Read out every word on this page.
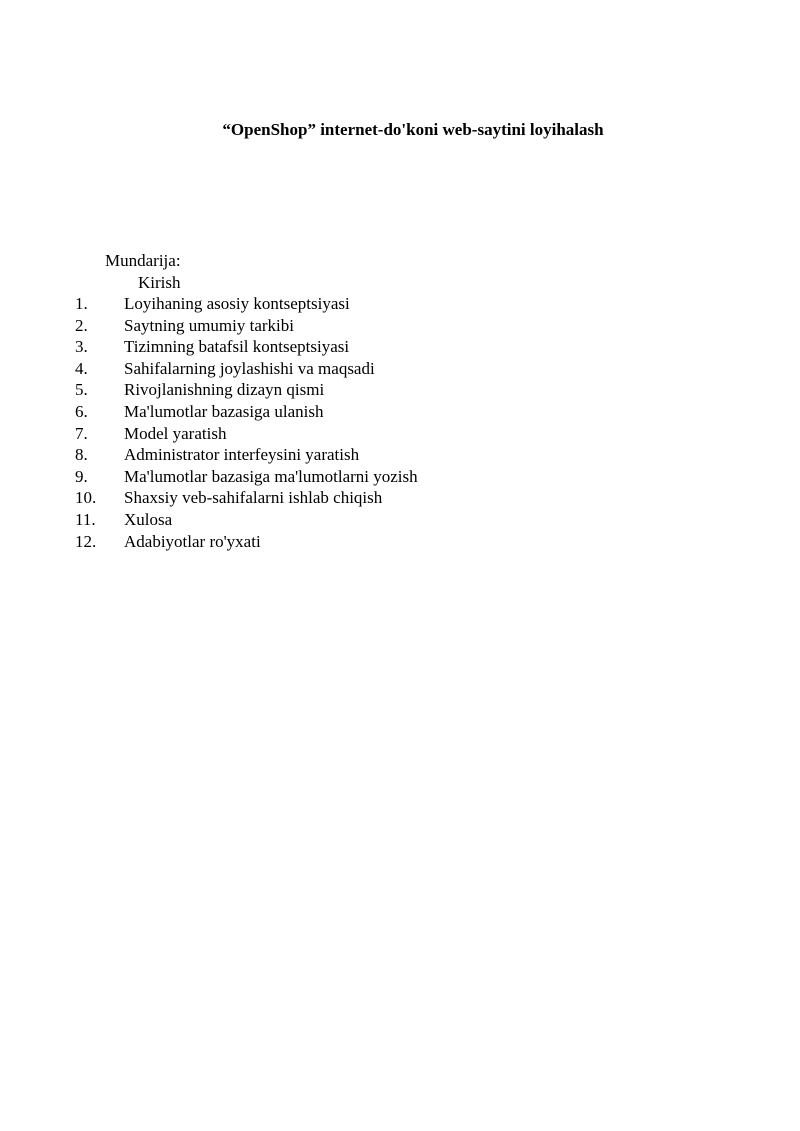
“OpenShop” internet-do'koni web-saytini loyihalash
Mundarija:
Kirish
1.	Loyihaning asosiy kontseptsiyasi
2.	Saytning umumiy tarkibi
3.	Tizimning batafsil kontseptsiyasi
4.	Sahifalarning joylashishi va maqsadi
5.	Rivojlanishning dizayn qismi
6.	Ma'lumotlar bazasiga ulanish
7.	Model yaratish
8.	Administrator interfeysini yaratish
9.	Ma'lumotlar bazasiga ma'lumotlarni yozish
10.	Shaxsiy veb-sahifalarni ishlab chiqish
11.	Xulosa
12.	Adabiyotlar ro'yxati
